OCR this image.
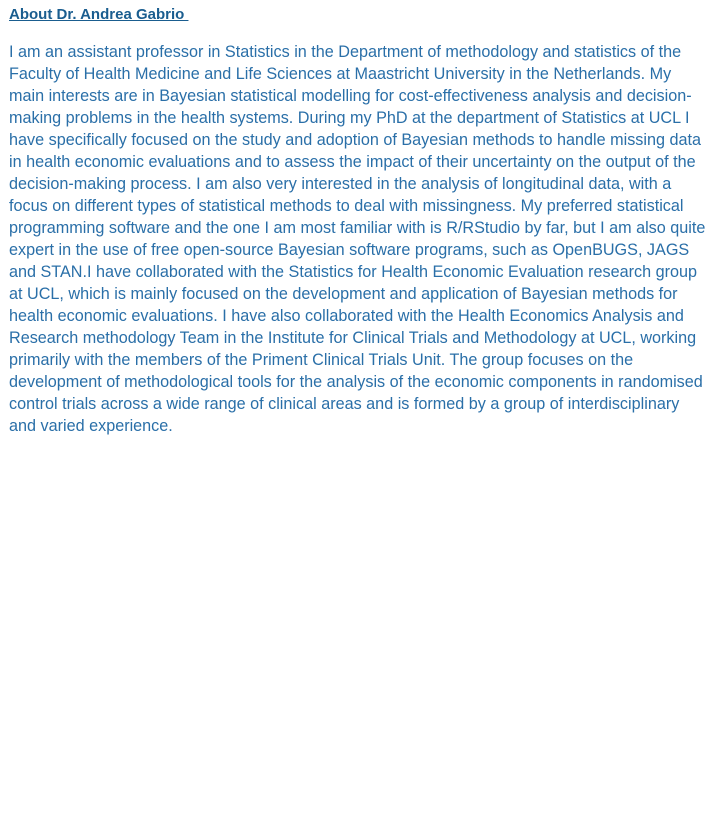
About Dr. Andrea Gabrio

I am an assistant professor in Statistics in the Department of methodology and statistics of the Faculty of Health Medicine and Life Sciences at Maastricht University in the Netherlands. My main interests are in Bayesian statistical modelling for cost-effectiveness analysis and decision-making problems in the health systems. During my PhD at the department of Statistics at UCL I have specifically focused on the study and adoption of Bayesian methods to handle missing data in health economic evaluations and to assess the impact of their uncertainty on the output of the decision-making process. I am also very interested in the analysis of longitudinal data, with a focus on different types of statistical methods to deal with missingness. My preferred statistical programming software and the one I am most familiar with is R/RStudio by far, but I am also quite expert in the use of free open-source Bayesian software programs, such as OpenBUGS, JAGS and STAN.I have collaborated with the Statistics for Health Economic Evaluation research group at UCL, which is mainly focused on the development and application of Bayesian methods for health economic evaluations. I have also collaborated with the Health Economics Analysis and Research methodology Team in the Institute for Clinical Trials and Methodology at UCL, working primarily with the members of the Priment Clinical Trials Unit. The group focuses on the development of methodological tools for the analysis of the economic components in randomised control trials across a wide range of clinical areas and is formed by a group of interdisciplinary and varied experience.
